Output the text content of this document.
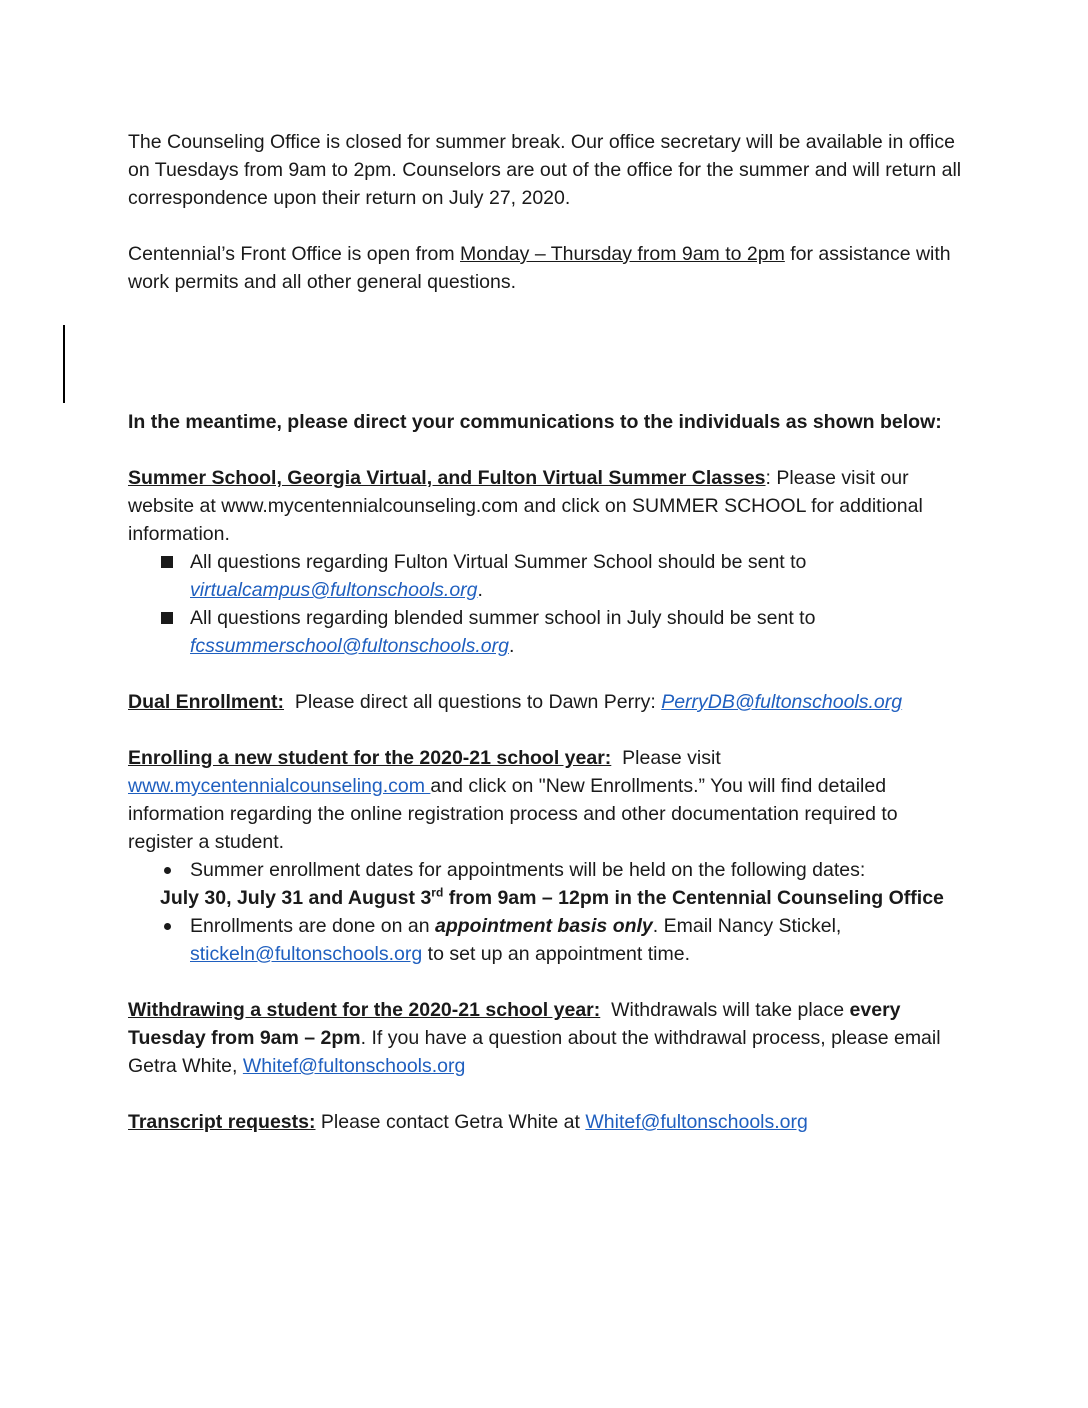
The Counseling Office is closed for summer break. Our office secretary will be available in office on Tuesdays from 9am to 2pm. Counselors are out of the office for the summer and will return all correspondence upon their return on July 27, 2020.

Centennial’s Front Office is open from Monday – Thursday from 9am to 2pm for assistance with work permits and all other general questions.

In the meantime, please direct your communications to the individuals as shown below:

Summer School, Georgia Virtual, and Fulton Virtual Summer Classes: Please visit our website at www.mycentennialcounseling.com and click on SUMMER SCHOOL for additional information.

All questions regarding Fulton Virtual Summer School should be sent to virtualcampus@fultonschools.org.
All questions regarding blended summer school in July should be sent to fcssummerschool@fultonschools.org.

Dual Enrollment:  Please direct all questions to Dawn Perry: PerryDB@fultonschools.org

Enrolling a new student for the 2020-21 school year:  Please visit www.mycentennialcounseling.com and click on "New Enrollments.” You will find detailed information regarding the online registration process and other documentation required to register a student.

Summer enrollment dates for appointments will be held on the following dates:

July 30, July 31 and August 3rd from 9am – 12pm in the Centennial Counseling Office

Enrollments are done on an appointment basis only. Email Nancy Stickel, stickeln@fultonschools.org to set up an appointment time.

Withdrawing a student for the 2020-21 school year:  Withdrawals will take place every Tuesday from 9am – 2pm. If you have a question about the withdrawal process, please email Getra White, Whitef@fultonschools.org

Transcript requests: Please contact Getra White at Whitef@fultonschools.org
